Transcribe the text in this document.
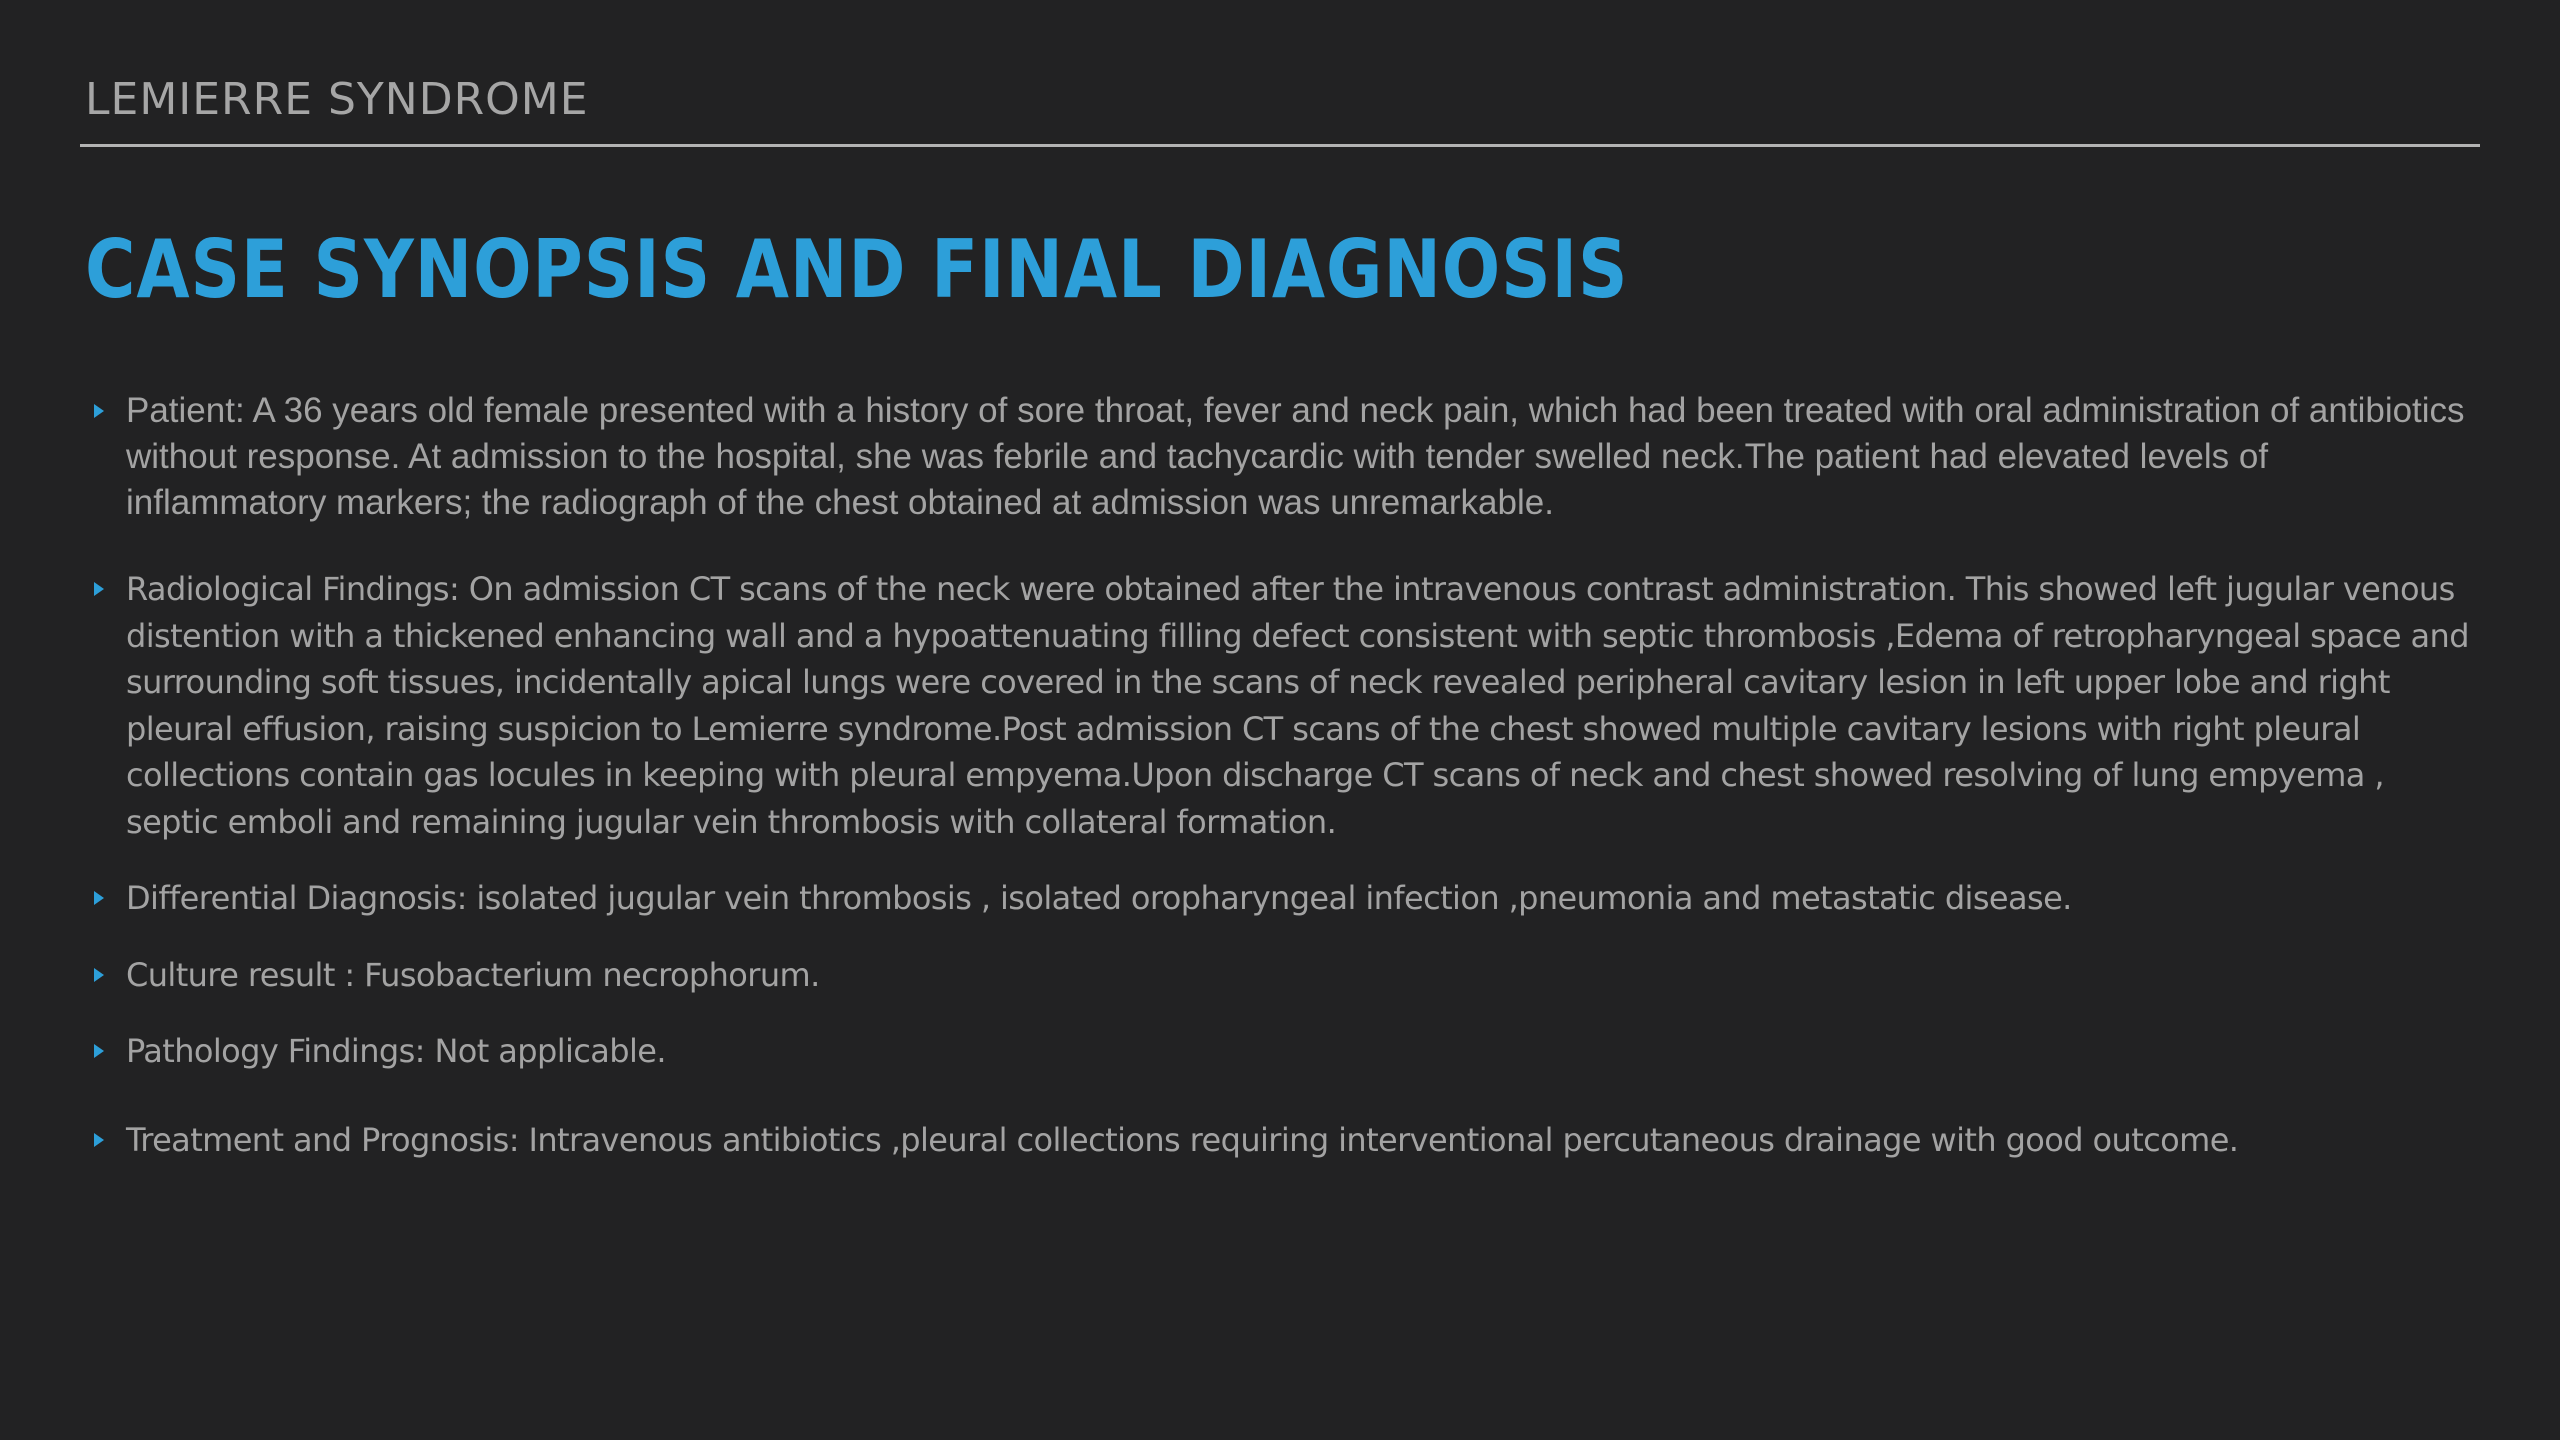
LEMIERRE SYNDROME
CASE SYNOPSIS AND FINAL DIAGNOSIS
Patient: A 36 years old female presented with a history of sore throat, fever and neck pain, which had been treated with oral administration of antibiotics without response. At admission to the hospital, she was febrile and tachycardic with tender swelled neck.The patient had elevated levels of inflammatory markers; the radiograph of the chest obtained at admission was unremarkable.
Radiological Findings: On admission CT scans of the neck were obtained after the intravenous contrast administration. This showed left jugular venous distention with a thickened enhancing wall and a hypoattenuating filling defect consistent with septic thrombosis ,Edema of retropharyngeal space and surrounding soft tissues, incidentally apical lungs were covered in the scans of neck revealed peripheral cavitary lesion in left upper lobe and right pleural effusion, raising suspicion to Lemierre syndrome.Post admission CT scans of the chest showed multiple cavitary lesions with right pleural collections contain gas locules in keeping with pleural empyema.Upon discharge CT scans of neck and chest showed resolving of lung empyema , septic emboli and remaining jugular vein thrombosis with collateral formation.
Differential Diagnosis: isolated jugular vein thrombosis , isolated oropharyngeal infection ,pneumonia and metastatic disease.
Culture result : Fusobacterium necrophorum.
Pathology Findings: Not applicable.
Treatment and Prognosis: Intravenous antibiotics ,pleural collections requiring interventional percutaneous drainage with good outcome.
